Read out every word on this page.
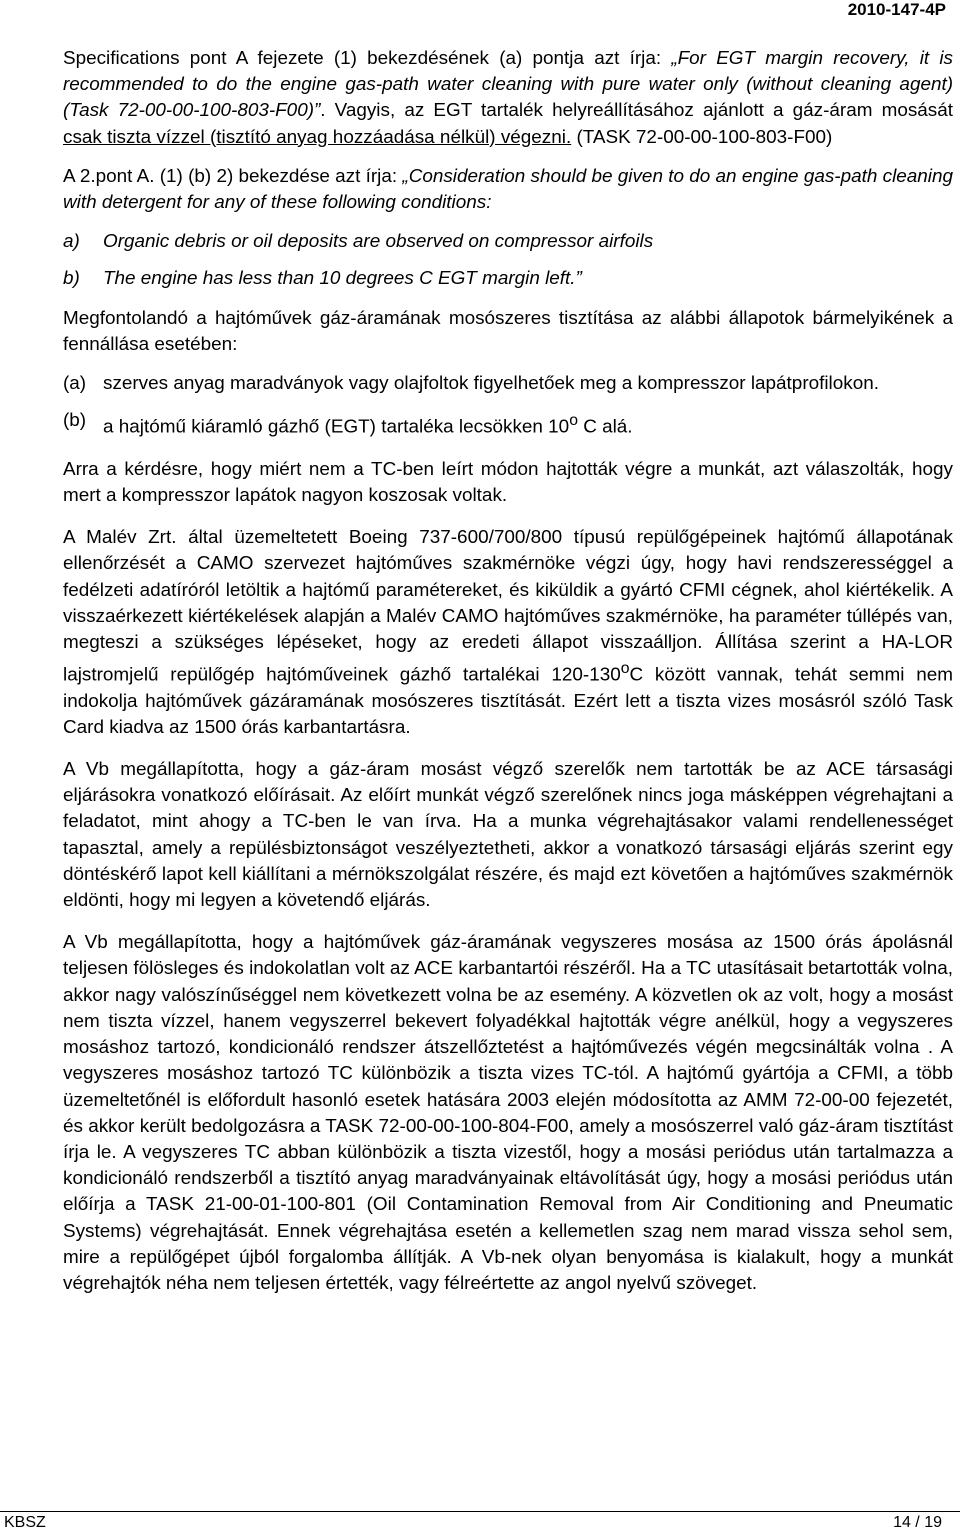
2010-147-4P

Specifications pont A fejezete (1) bekezdésének (a) pontja azt írja: „For EGT margin recovery, it is recommended to do the engine gas-path water cleaning with pure water only (without cleaning agent) (Task 72-00-00-100-803-F00)”. Vagyis, az EGT tartalék helyreállításához ajánlott a gáz-áram mosását csak tiszta vízzel (tisztító anyag hozzáadása nélkül) végezni. (TASK 72-00-00-100-803-F00)

A 2.pont A. (1) (b) 2) bekezdése azt írja: „Consideration should be given to do an engine gas-path cleaning with detergent for any of these following conditions:

a)	Organic debris or oil deposits are observed on compressor airfoils
b)	The engine has less than 10 degrees C EGT margin left.”

Megfontolandó a hajtóművek gáz-áramának mosószeres tisztítása az alábbi állapotok bármelyikének a fennállása esetében:

(a) szerves anyag maradványok vagy olajfoltok figyelhetőek meg a kompresszor lapátprofilokon.
(b) a hajtómű kiáramló gázhő (EGT) tartaléka lecsökken 10$^o$ C alá.

Arra a kérdésre, hogy miért nem a TC-ben leírt módon hajtották végre a munkát, azt válaszolták, hogy mert a kompresszor lapátok nagyon koszosak voltak.

A Malév Zrt. által üzemeltetett Boeing 737-600/700/800 típusú repülőgépeinek hajtómű állapotának ellenőrzését a CAMO szervezet hajtóműves szakmérnöke végzi úgy, hogy havi rendszerességgel a fedélzeti adatíróról letöltik a hajtómű paramétereket, és kiküldik a gyártó CFMI cégnek, ahol kiértékelik. A visszaérkezett kiértékelések alapján a Malév CAMO hajtóműves szakmérnöke, ha paraméter túllépés van, megteszi a szükséges lépéseket, hogy az eredeti állapot visszaálljon. Állítása szerint a HA-LOR lajstromjelű repülőgép hajtóműveinek gázhő tartalékai 120-130$^o$C között vannak, tehát semmi nem indokolja hajtóművek gázáramának mosószeres tisztítását. Ezért lett a tiszta vizes mosásról szóló Task Card kiadva az 1500 órás karbantartásra.

A Vb megállapította, hogy a gáz-áram mosást végző szerelők nem tartották be az ACE társasági eljárásokra vonatkozó előírásait. Az előírt munkát végző szerelőnek nincs joga másképpen végrehajtani a feladatot, mint ahogy a TC-ben le van írva. Ha a munka végrehajtásakor valami rendellenességet tapasztal, amely a repülésbiztonságot veszélyeztetheti, akkor a vonatkozó társasági eljárás szerint egy döntéskérő lapot kell kiállítani a mérnökszolgálat részére, és majd ezt követően a hajtóműves szakmérnök eldönti, hogy mi legyen a követendő eljárás.

A Vb megállapította, hogy a hajtóművek gáz-áramának vegyszeres mosása az 1500 órás ápolásnál teljesen fölösleges és indokolatlan volt az ACE karbantartói részéről. Ha a TC utasításait betartották volna, akkor nagy valószínűséggel nem következett volna be az esemény. A közvetlen ok az volt, hogy a mosást nem tiszta vízzel, hanem vegyszerrel bekevert folyadékkal hajtották végre anélkül, hogy a vegyszeres mosáshoz tartozó, kondicionáló rendszer átszellőztetést a hajtóművezés végén megcsinálták volna . A vegyszeres mosáshoz tartozó TC különbözik a tiszta vizes TC-tól. A hajtómű gyártója a CFMI, a több üzemeltetőnél is előfordult hasonló esetek hatására 2003 elején módosította az AMM 72-00-00 fejezetét, és akkor került bedolgozásra a TASK 72-00-00-100-804-F00, amely a mosószerrel való gáz-áram tisztítást írja le. A vegyszeres TC abban különbözik a tiszta vizestől, hogy a mosási periódus után tartalmazza a kondicionáló rendszerből a tisztító anyag maradványainak eltávolítását úgy, hogy a mosási periódus után előírja a TASK 21-00-01-100-801 (Oil Contamination Removal from Air Conditioning and Pneumatic Systems) végrehajtását. Ennek végrehajtása esetén a kellemetlen szag nem marad vissza sehol sem, mire a repülőgépet újból forgalomba állítják. A Vb-nek olyan benyomása is kialakult, hogy a munkát végrehajtók néha nem teljesen értették, vagy félreértette az angol nyelvű szöveget.

KBSZ	14 / 19
